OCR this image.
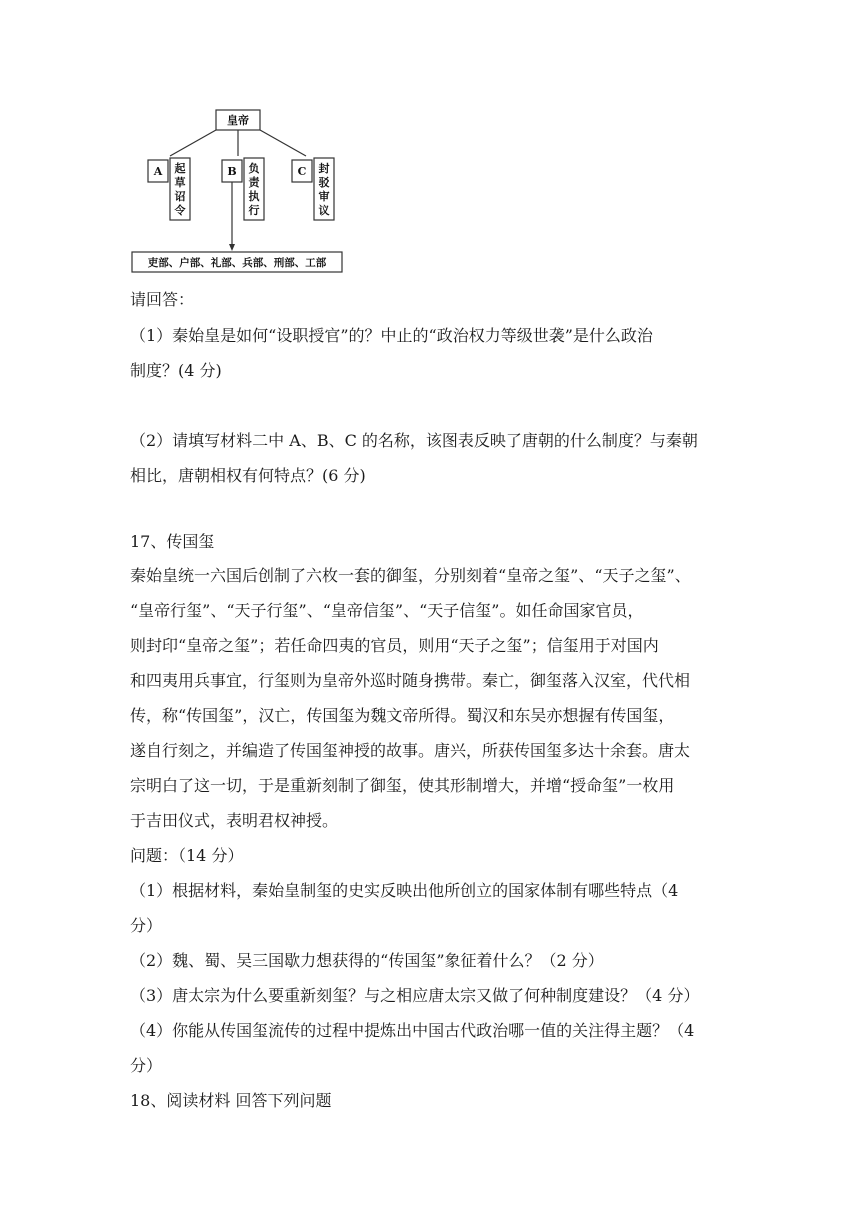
皇帝
A	B	C
起
草
诏
令
负
责
执
行
封
驳
审
议
吏部、户部、礼部、兵部、刑部、工部
请回答：
（1）秦始皇是如何“设职授官”的？中止的“政治权力等级世袭”是什么政治
制度？(4 分)
（2）请填写材料二中 A、B、C 的名称，该图表反映了唐朝的什么制度？与秦朝
相比，唐朝相权有何特点？(6 分)
17、传国玺

秦始皇统一六国后创制了六枚一套的御玺，分别刻着“皇帝之玺”、“天子之玺”、

“皇帝行玺”、“天子行玺”、“皇帝信玺”、“天子信玺”。如任命国家官员，

则封印“皇帝之玺”；若任命四夷的官员，则用“天子之玺”；信玺用于对国内

和四夷用兵事宜，行玺则为皇帝外巡时随身携带。秦亡，御玺落入汉室，代代相

传，称“传国玺”，汉亡，传国玺为魏文帝所得。蜀汉和东吴亦想握有传国玺，

遂自行刻之，并编造了传国玺神授的故事。唐兴，所获传国玺多达十余套。唐太

宗明白了这一切，于是重新刻制了御玺，使其形制增大，并增“授命玺”一枚用

于吉田仪式，表明君权神授。

问题：（14 分）

（1）根据材料，秦始皇制玺的史实反映出他所创立的国家体制有哪些特点（4

分）

（2）魏、蜀、吴三国歇力想获得的“传国玺”象征着什么？（2 分）

（3）唐太宗为什么要重新刻玺？与之相应唐太宗又做了何种制度建设？（4 分）

（4）你能从传国玺流传的过程中提炼出中国古代政治哪一值的关注得主题？（4

分）

18、阅读材料 回答下列问题
